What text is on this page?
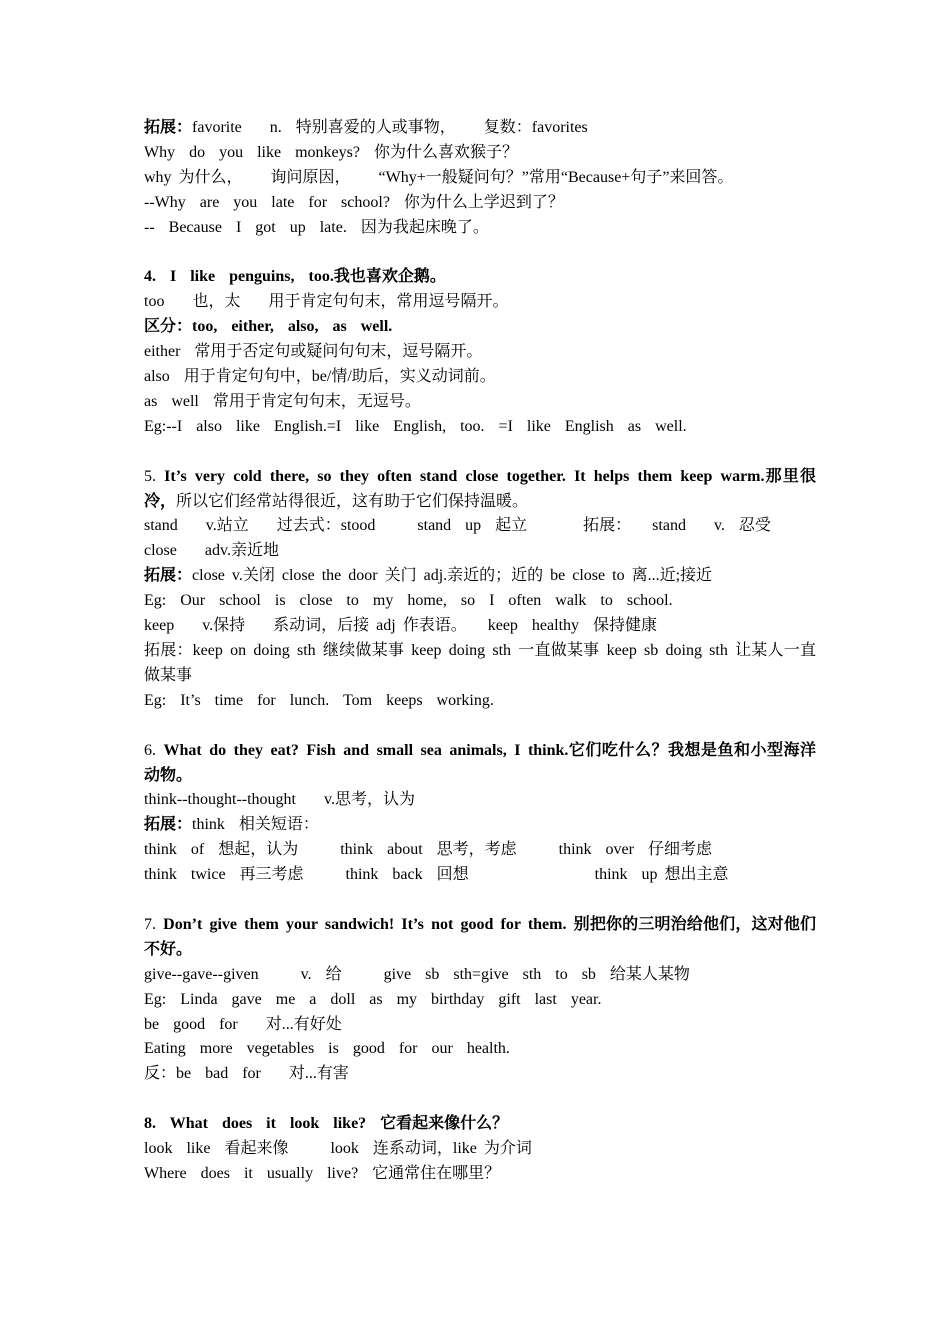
拓展：favorite    n.  特别喜爱的人或事物，    复数：favorites
Why  do  you  like  monkeys?  你为什么喜欢猴子？
why 为什么，    询问原因，    “Why+一般疑问句？”常用“Because+句子”来回答。
--Why  are  you  late  for  school?  你为什么上学迟到了？
--  Because  I  got  up  late.  因为我起床晚了。
4.  I  like  penguins,  too.我也喜欢企鹅。
too    也，太    用于肯定句句末，常用逗号隔开。
区分：too,  either,  also,  as  well.
either  常用于否定句或疑问句句末，逗号隔开。
also  用于肯定句句中，be/情/助后，实义动词前。
as  well  常用于肯定句句末，无逗号。
Eg:--I  also  like  English.=I  like  English,  too.  =I  like  English  as  well.
5. It’s very cold there, so they often stand close together. It helps them keep warm.那里很冷，所以它们经常站得很近，这有助于它们保持温暖。
stand    v.站立    过去式：stood      stand  up  起立        拓展：   stand    v.  忍受
close    adv.亲近地
拓展：close v.关闭 close the door 关门 adj.亲近的；近的 be close to 离...近;接近
Eg:  Our  school  is  close  to  my  home,  so  I  often  walk  to  school.
keep    v.保持    系动词，后接 adj 作表语。   keep  healthy  保持健康
拓展：keep on doing sth 继续做某事 keep doing sth 一直做某事 keep sb doing sth 让某人一直做某事
Eg:  It’s  time  for  lunch.  Tom  keeps  working.
6. What do they eat? Fish and small sea animals, I think.它们吃什么？我想是鱼和小型海洋动物。
think--thought--thought    v.思考，认为
拓展：think  相关短语：
think  of  想起，认为      think  about  思考，考虑      think  over  仔细考虑
think  twice  再三考虑      think  back  回想                  think  up 想出主意
7. Don’t give them your sandwich! It’s not good for them. 别把你的三明治给他们，这对他们不好。
give--gave--given      v.  给      give  sb  sth=give  sth  to  sb  给某人某物
Eg:  Linda  gave  me  a  doll  as  my  birthday  gift  last  year.
be  good  for    对...有好处
Eating  more  vegetables  is  good  for  our  health.
反：be  bad  for    对...有害
8.  What  does  it  look  like?  它看起来像什么？
look  like  看起来像      look  连系动词，like 为介词
Where  does  it  usually  live?  它通常住在哪里？
